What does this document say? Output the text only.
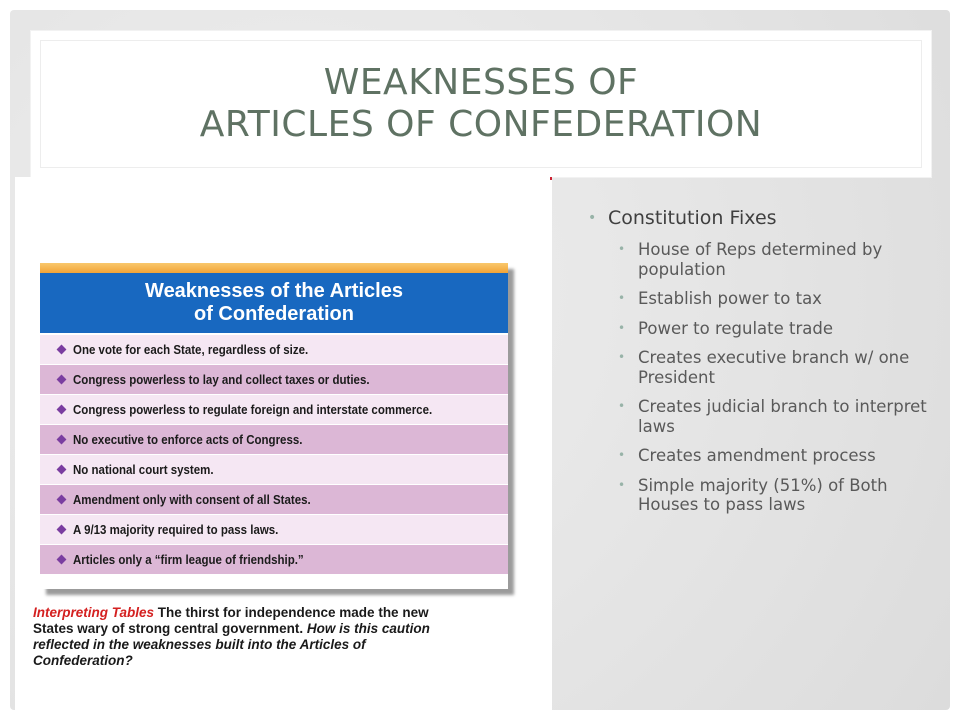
WEAKNESSES OF
ARTICLES OF CONFEDERATION
Weaknesses of the Articles
of Confederation
One vote for each State, regardless of size.
Congress powerless to lay and collect taxes or duties.
Congress powerless to regulate foreign and interstate commerce.
No executive to enforce acts of Congress.
No national court system.
Amendment only with consent of all States.
A 9/13 majority required to pass laws.
Articles only a “firm league of friendship.”
Interpreting Tables The thirst for independence made the new States wary of strong central government. How is this caution reflected in the weaknesses built into the Articles of Confederation?
• Constitution Fixes
• House of Reps determined by population
• Establish power to tax
• Power to regulate trade
• Creates executive branch w/ one President
• Creates judicial branch to interpret laws
• Creates amendment process
• Simple majority (51%) of Both Houses to pass laws
